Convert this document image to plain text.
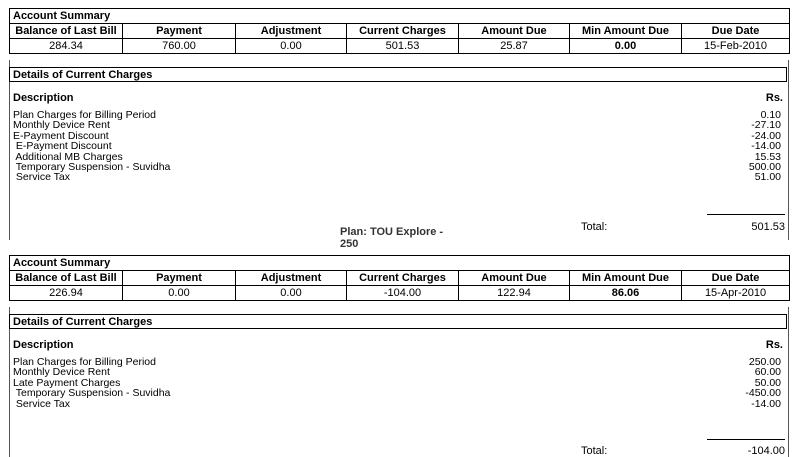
Plan: TOU Explore - 250
Account Summary						
Balance of Last Bill	Payment	Adjustment	Current Charges	Amount Due	Min Amount Due	Due Date
284.34	760.00	0.00	501.53	25.87	0.00	15-Feb-2010
Details of Current Charges
Description	Rs.
Plan Charges for Billing Period	0.10
Monthly Device Rent	-27.10
E-Payment Discount	-24.00
E-Payment Discount	-14.00
Additional MB Charges	15.53
Temporary Suspension - Suvidha	500.00
Service Tax	51.00
Total:	501.53
Account Summary						
Balance of Last Bill	Payment	Adjustment	Current Charges	Amount Due	Min Amount Due	Due Date
226.94	0.00	0.00	-104.00	122.94	86.06	15-Apr-2010
Details of Current Charges
Description	Rs.
Plan Charges for Billing Period	250.00
Monthly Device Rent	60.00
Late Payment Charges	50.00
Temporary Suspension - Suvidha	-450.00
Service Tax	-14.00
Total:	-104.00
